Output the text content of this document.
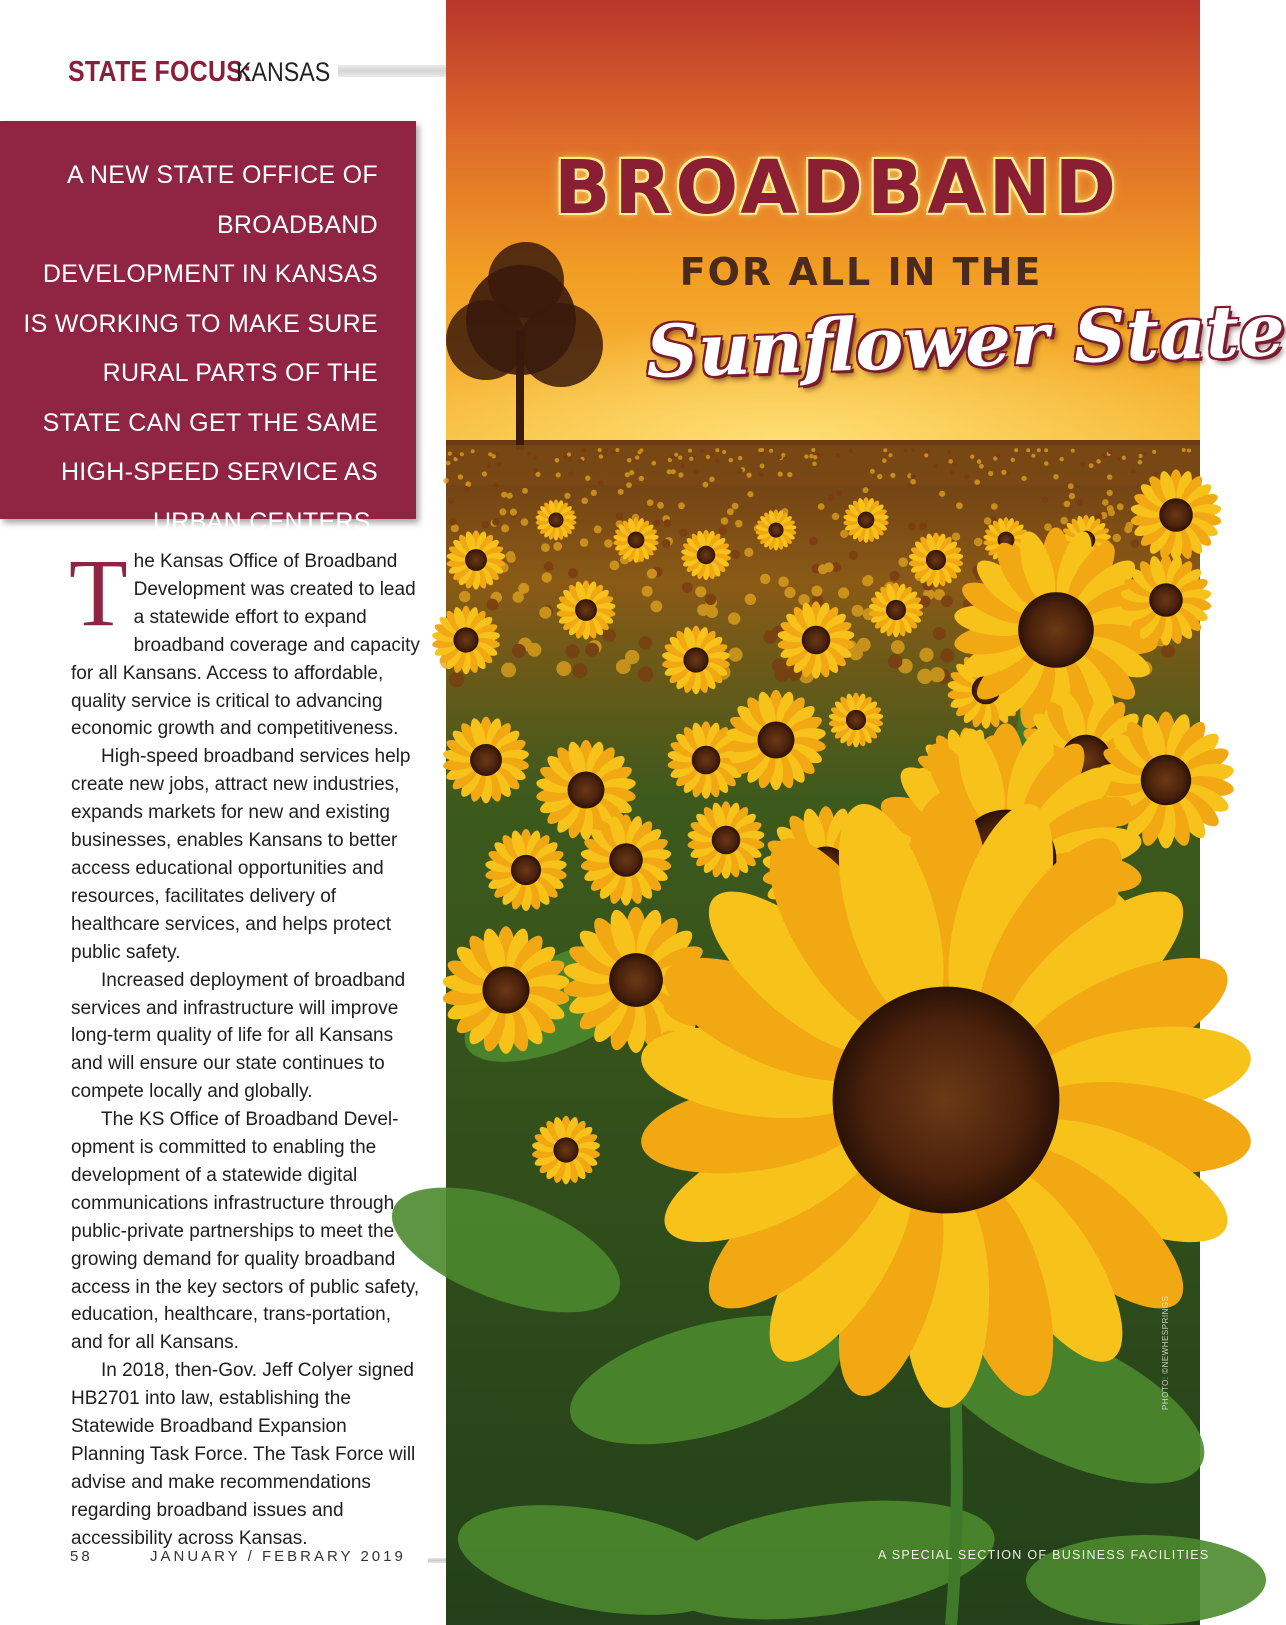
STATE FOCUS:
KANSAS

A NEW STATE OFFICE OF BROADBAND DEVELOPMENT IN KANSAS IS WORKING TO MAKE SURE RURAL PARTS OF THE STATE CAN GET THE SAME HIGH-SPEED SERVICE AS URBAN CENTERS.

The Kansas Office of Broadband Development was created to lead a statewide effort to expand broadband coverage and capacity for all Kansans. Access to affordable, quality service is critical to advancing economic growth and competitiveness.

High-speed broadband services help create new jobs, attract new industries, expands markets for new and existing businesses, enables Kansans to better access educational opportunities and resources, facilitates delivery of healthcare services, and helps protect public safety.

Increased deployment of broadband services and infrastructure will improve long-term quality of life for all Kansans and will ensure our state continues to compete locally and globally.

The KS Office of Broadband Devel-opment is committed to enabling the development of a statewide digital communications infrastructure through public-private partnerships to meet the growing demand for quality broadband access in the key sectors of public safety, education, healthcare, trans-portation, and for all Kansans.

In 2018, then-Gov. Jeff Colyer signed HB2701 into law, establishing the Statewide Broadband Expansion Planning Task Force. The Task Force will advise and make recommendations regarding broadband issues and accessibility across Kansas.

58	JANUARY / FEBRARY 2019
BROADBAND
FOR ALL IN THE
Sunflower State
PHOTO: ©NEWHESPRINGS
A SPECIAL SECTION OF BUSINESS FACILITIES
